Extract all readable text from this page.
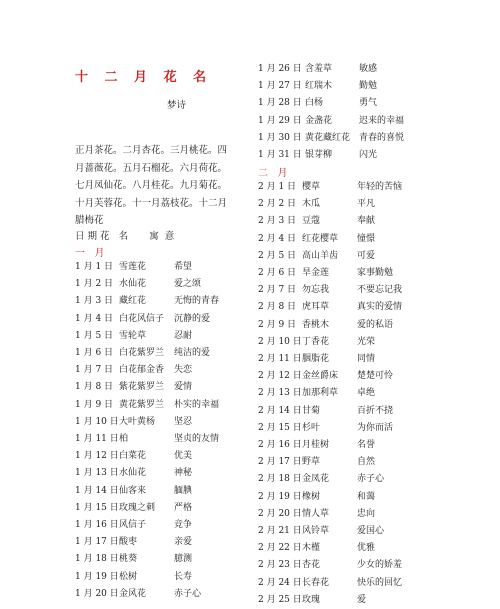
十 二 月 花 名
梦诗
正月茶花。二月杏花。三月桃花。四
月蔷薇花。五月石榴花。六月荷花。
七月凤仙花。八月桂花。九月菊花。
十月芙蓉花。十一月荔枝花。十二月
腊梅花
日 期 花   名       寓  意
一   月
1 月 1 日 雪莲花	希望
1 月 2 日 水仙花	爱之颂
1 月 3 日 藏红花	无悔的青春
1 月 4 日 白花风信子 沉静的爱
1 月 5 日 雪轮草	忍耐
1 月 6 日 白花紫罗兰 纯洁的爱
1 月 7 日 白花郁金香 失恋
1 月 8 日 紫花紫罗兰 爱情
1 月 9 日 黄花紫罗兰 朴实的幸福
1 月 10 日 大叶黄杨 坚忍
1 月 11 日 柏	坚贞的友情
1 月 12 日 白菜花	优美
1 月 13 日 水仙花	神秘
1 月 14 日 仙客来	腼腆
1 月 15 日 玫瑰之刺 严格
1 月 16 日 风信子	竞争
1 月 17 日 酸枣	亲爱
1 月 18 日 桃葵	臆测
1 月 19 日 松树	长寿
1 月 20 日 金风花	赤子心
1 月 26 日 含羞草	敏感
1 月 27 日 红瑞木	勤勉
1 月 28 日 白杨	勇气
1 月 29 日 金盏花	迟来的幸福
1 月 30 日 黄花藏红花 青春的喜悦
1 月 31 日 银芽柳	闪光
二   月
2 月 1 日 樱草	年轻的苦恼
2 月 2 日 木瓜	平凡
2 月 3 日 豆蔻	奉献
2 月 4 日 红花樱草 憧憬
2 月 5 日 高山羊齿 可爱
2 月 6 日 旱金莲	家事勤勉
2 月 7 日 勿忘我	不要忘记我
2 月 8 日 虎耳草	真实的爱情
2 月 9 日 香桃木	爱的私语
2 月 10 日 丁香花	光荣
2 月 11 日 胭脂花	同情
2 月 12 日 金丝爵床 楚楚可怜
2 月 13 日 加那利草 卓绝
2 月 14 日 甘菊	百折不挠
2 月 15 日 杉叶	为你而活
2 月 16 日 月桂树	名誉
2 月 17 日 野草	自然
2 月 18 日 金凤花	赤子心
2 月 19 日 橡树	和蔼
2 月 20 日 情人草	忠向
2 月 21 日 风铃草	爱国心
2 月 22 日 木槿	优雅
2 月 23 日 杏花	少女的娇羞
2 月 24 日 长春花	快乐的回忆
2 月 25 日 玫瑰	爱
